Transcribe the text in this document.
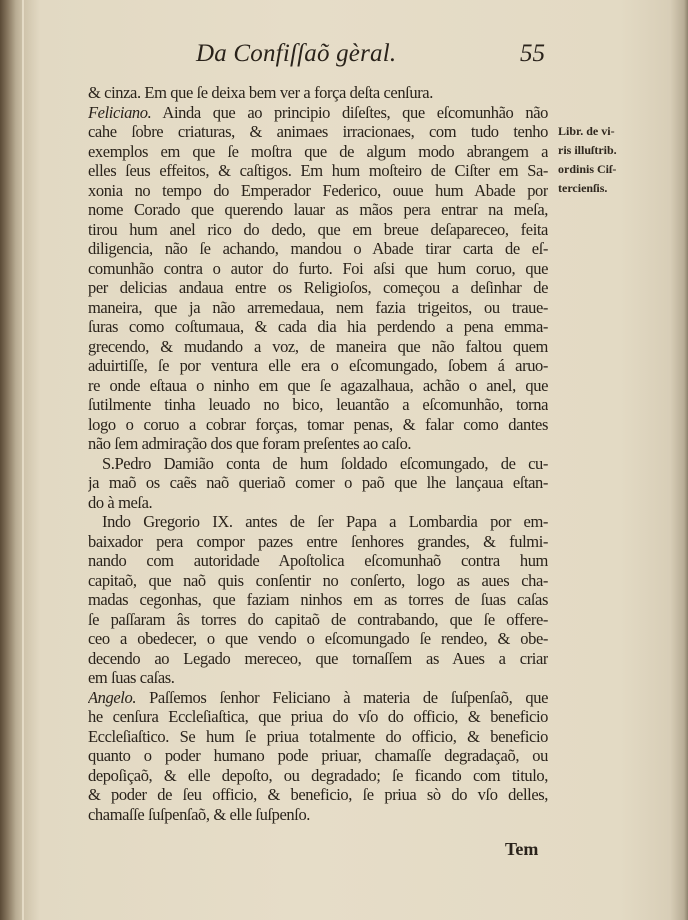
Da Confiſſaõ gèral.	55
& cinza. Em que ſe deixa bem ver a força deſta cenſura.
Feliciano. Ainda que ao principio diſeſtes, que eſcomunhão não
cahe ſobre criaturas, & animaes irracionaes, com tudo tenho
exemplos em que ſe moſtra que de algum modo abrangem a
elles ſeus effeitos, & caſtigos. Em hum moſteiro de Ciſter em Sa-
xonia no tempo do Emperador Federico, ouue hum Abade por
nome Corado que querendo lauar as mãos pera entrar na meſa,
tirou hum anel rico do dedo, que em breue deſapareceo, feita
diligencia, não ſe achando, mandou o Abade tirar carta de eſ-
comunhão contra o autor do furto. Foi aſsi que hum coruo, que
per delicias andaua entre os Religioſos, começou a deſinhar de
maneira, que ja não arremedaua, nem fazia trigeitos, ou traue-
ſuras como coſtumaua, & cada dia hia perdendo a pena emma-
grecendo, & mudando a voz, de maneira que não faltou quem
aduirtiſſe, ſe por ventura elle era o eſcomungado, ſobem á aruo-
re onde eſtaua o ninho em que ſe agazalhaua, achão o anel, que
ſutilmente tinha leuado no bico, leuantão a eſcomunhão, torna
logo o coruo a cobrar forças, tomar penas, & falar como dantes
não ſem admiração dos que foram preſentes ao caſo.
S.Pedro Damião conta de hum ſoldado eſcomungado, de cu-
ja maõ os caẽs naõ queriaõ comer o paõ que lhe lançaua eſtan-
do à meſa.
Indo Gregorio IX. antes de ſer Papa a Lombardia por em-
baixador pera compor pazes entre ſenhores grandes, & fulmi-
nando com autoridade Apoſtolica eſcomunhaõ contra hum
capitaõ, que naõ quis conſentir no conſerto, logo as aues cha-
madas cegonhas, que faziam ninhos em as torres de ſuas caſas
ſe paſſaram âs torres do capitaõ de contrabando, que ſe offere-
ceo a obedecer, o que vendo o eſcomungado ſe rendeo, & obe-
decendo ao Legado mereceo, que tornaſſem as Aues a criar
em ſuas caſas.
Angelo. Paſſemos ſenhor Feliciano à materia de ſuſpenſaõ, que
he cenſura Eccleſiaſtica, que priua do vſo do officio, & beneficio
Eccleſiaſtico. Se hum ſe priua totalmente do officio, & beneficio
quanto o poder humano pode priuar, chamaſſe degradaçaõ, ou
depoſiçaõ, & elle depoſto, ou degradado; ſe ficando com titulo,
& poder de ſeu officio, & beneficio, ſe priua sò do vſo delles,
chamaſſe ſuſpenſaõ, & elle ſuſpenſo.
Libr. de vi-
ris illuſtrib.
ordinis Ciſ-
tercienſis.
Tem
